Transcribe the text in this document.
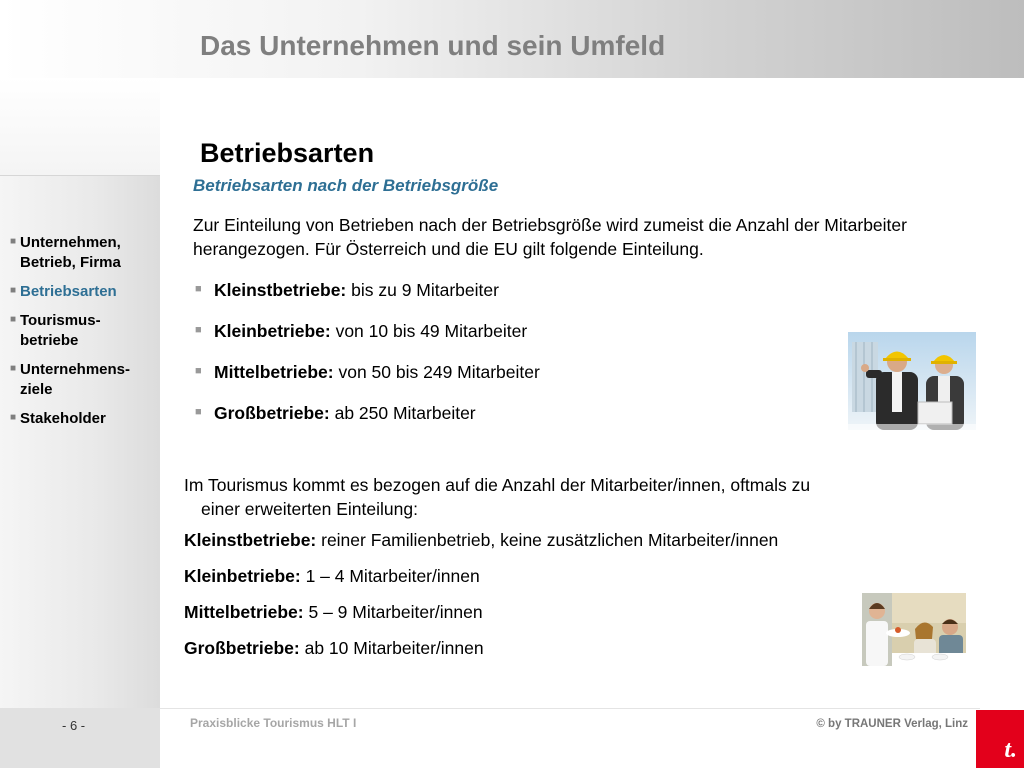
Das Unternehmen und sein Umfeld
■ Unternehmen,
Betrieb, Firma
■ Betriebsarten
■ Tourismus-
betriebe
■ Unternehmens-
ziele
■ Stakeholder
Betriebsarten
Betriebsarten nach der Betriebsgröße
Zur Einteilung von Betrieben nach der Betriebsgröße wird zumeist die Anzahl der Mitarbeiter herangezogen. Für Österreich und die EU gilt folgende Einteilung.
■ Kleinstbetriebe: bis zu 9 Mitarbeiter
■ Kleinbetriebe: von 10 bis 49 Mitarbeiter
■ Mittelbetriebe: von 50 bis 249 Mitarbeiter
■ Großbetriebe: ab 250 Mitarbeiter
Im Tourismus kommt es bezogen auf die Anzahl der Mitarbeiter/innen, oftmals zu
einer erweiterten Einteilung:
Kleinstbetriebe: reiner Familienbetrieb, keine zusätzlichen Mitarbeiter/innen
Kleinbetriebe: 1 – 4 Mitarbeiter/innen
Mittelbetriebe: 5 – 9 Mitarbeiter/innen
Großbetriebe: ab 10 Mitarbeiter/innen
- 6 -	Praxisblicke Tourismus HLT I	© by TRAUNER Verlag, Linz
t.
